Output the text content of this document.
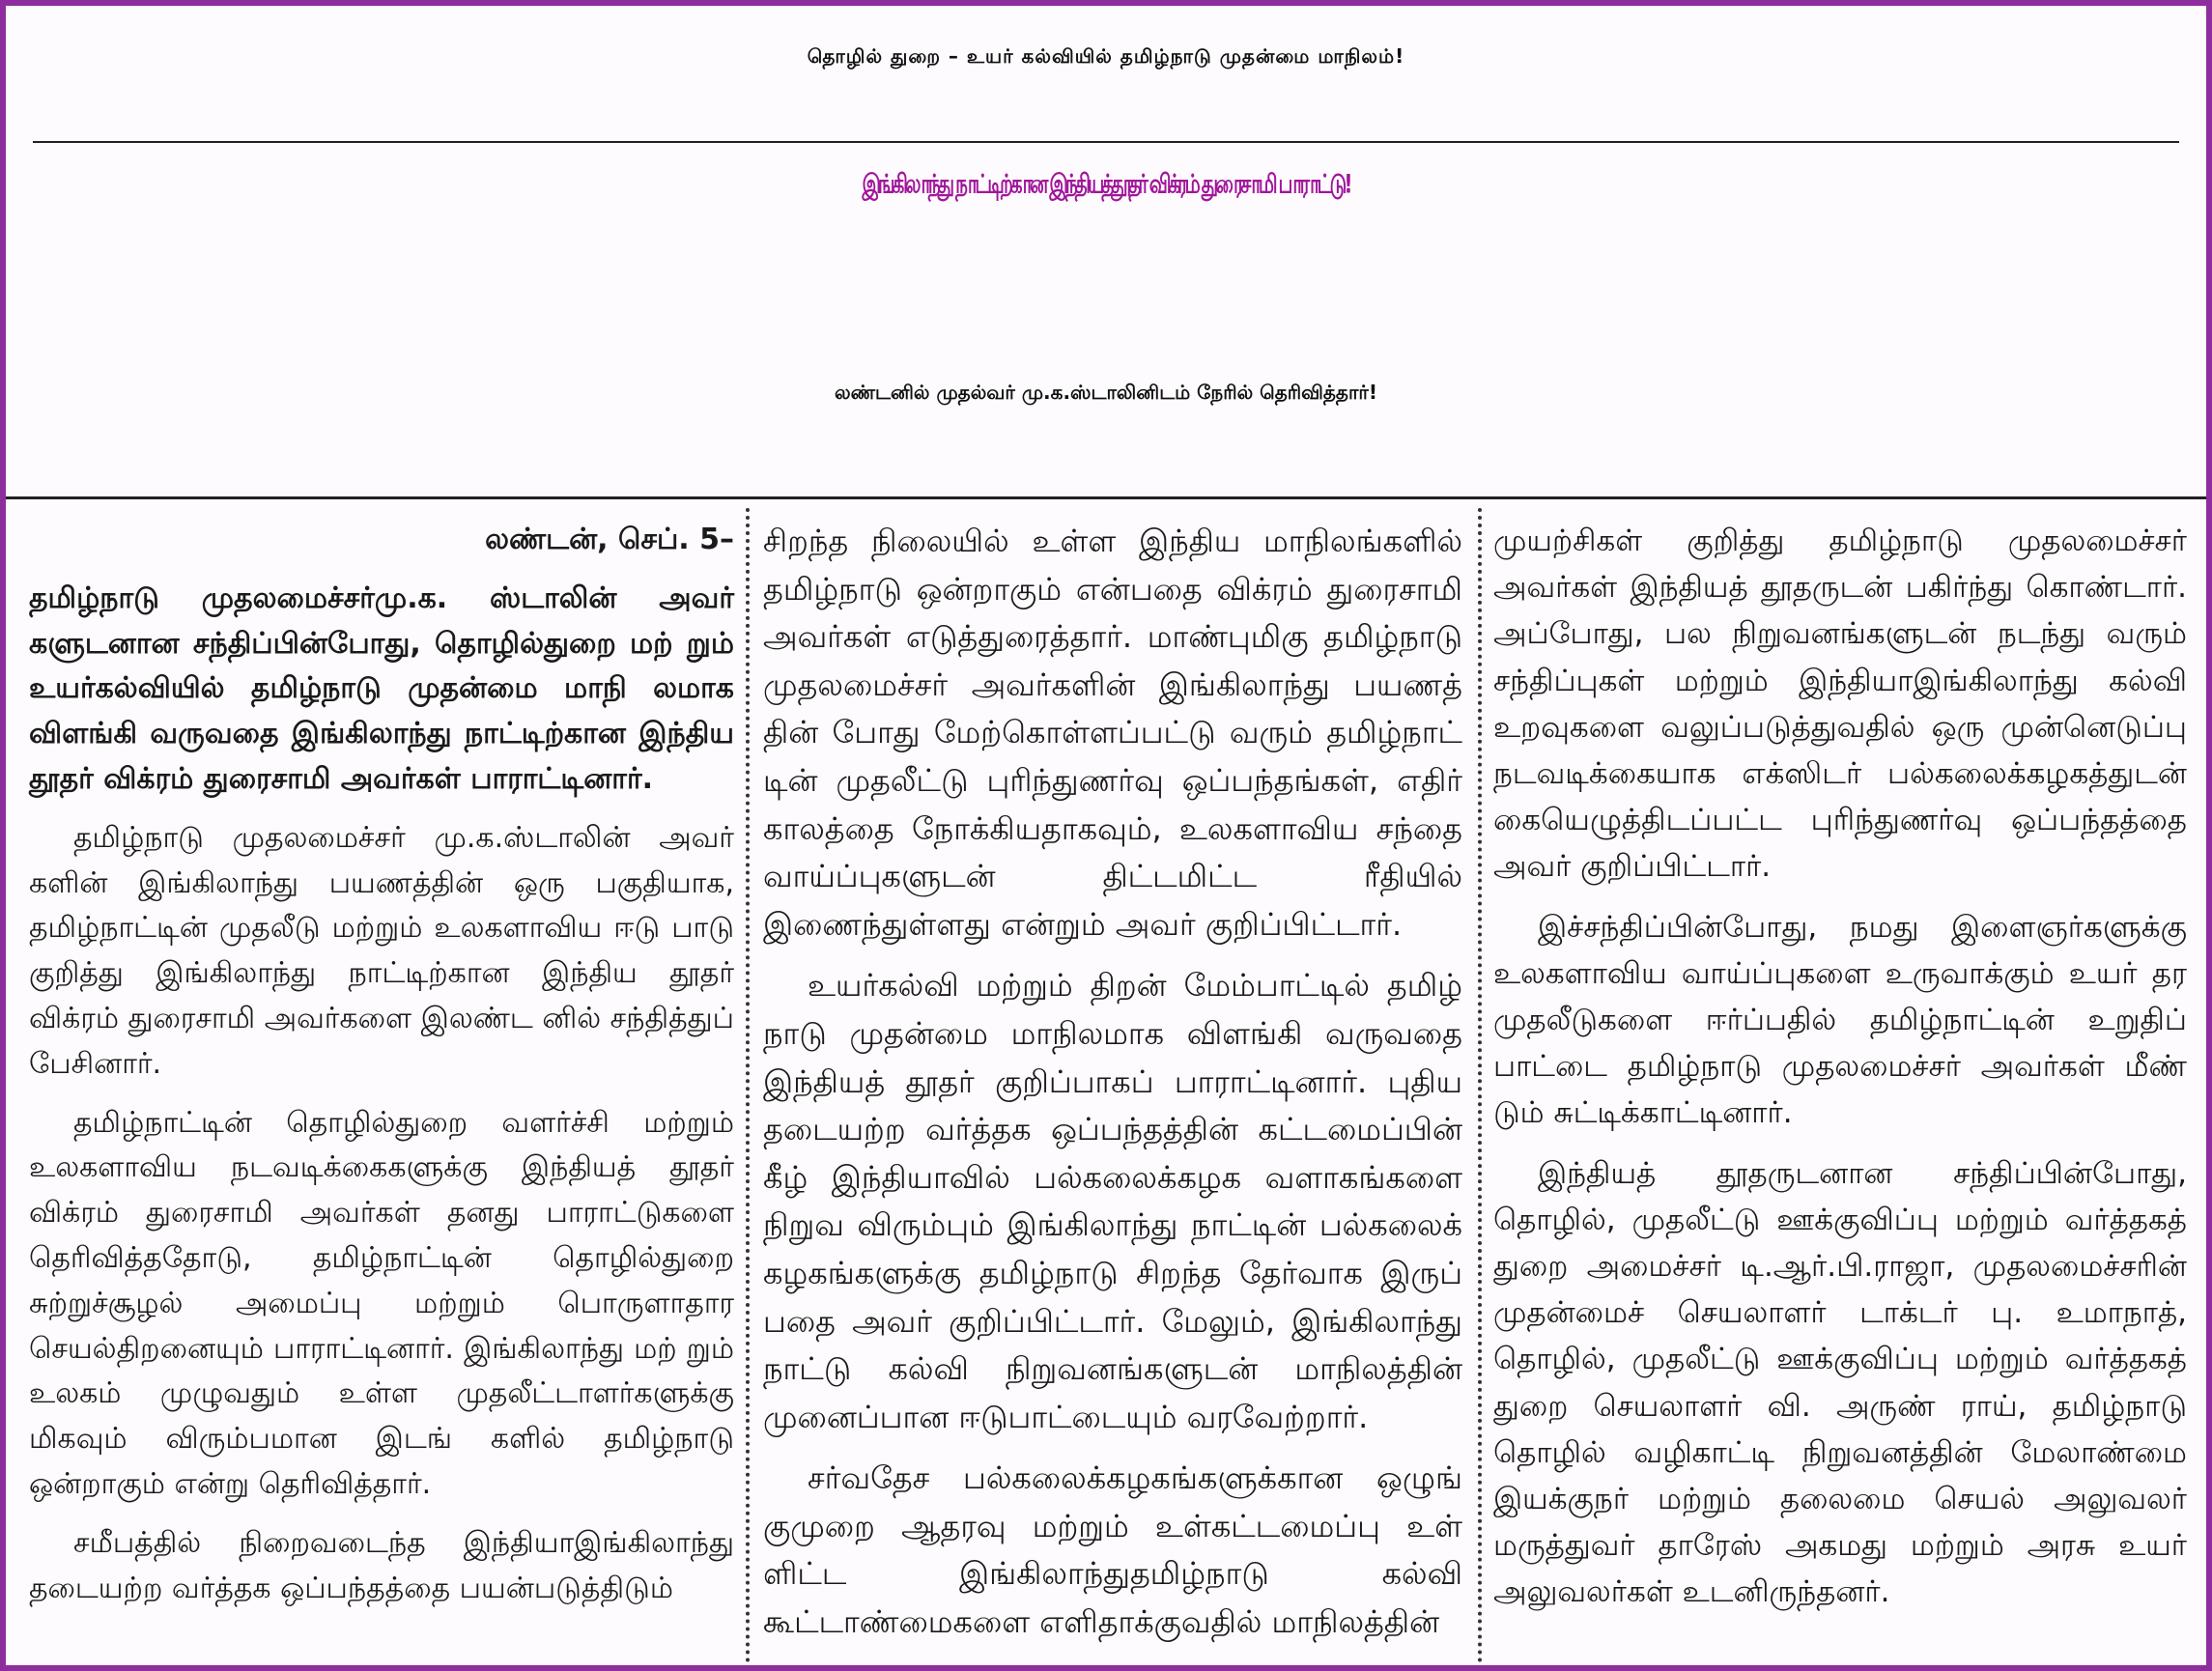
தொழில் துறை – உயர் கல்வியில் தமிழ்நாடு முதன்மை மாநிலம்!
இங்கிலாந்து நாட்டிற்கான இந்தியத்தூதர் விக்ரம் துரைசாமி பாராட்டு!
லண்டனில் முதல்வர் மு.க.ஸ்டாலினிடம் நேரில் தெரிவித்தார்!

லண்டன், செப். 5–

தமிழ்நாடு முதலமைச்சர்மு.க. ஸ்டாலின் அவர் களுடனான சந்திப்பின்போது, தொழில்துறை மற் றும் உயர்கல்வியில் தமிழ்நாடு முதன்மை மாநி லமாக விளங்கி வருவதை இங்கிலாந்து நாட்டிற்கான இந்திய தூதர் விக்ரம் துரைசாமி அவர்கள் பாராட்டினார்.

தமிழ்நாடு முதலமைச்சர் மு.க.ஸ்டாலின் அவர் களின் இங்கிலாந்து பயணத்தின் ஒரு பகுதியாக, தமிழ்நாட்டின் முதலீடு மற்றும் உலகளாவிய ஈடு பாடு குறித்து இங்கிலாந்து நாட்டிற்கான இந்திய தூதர் விக்ரம் துரைசாமி அவர்களை இலண்ட னில் சந்தித்துப் பேசினார்.

தமிழ்நாட்டின் தொழில்துறை வளர்ச்சி மற்றும் உலகளாவிய நடவடிக்கைகளுக்கு இந்தியத் தூதர் விக்ரம் துரைசாமி அவர்கள் தனது பாராட்டுகளை தெரிவித்ததோடு, தமிழ்நாட்டின் தொழில்துறை சுற்றுச்சூழல் அமைப்பு மற்றும் பொருளாதார செயல்திறனையும் பாராட்டினார். இங்கிலாந்து மற் றும் உலகம் முழுவதும் உள்ள முதலீட்டாளர்களுக்கு மிகவும் விரும்பமான இடங் களில் தமிழ்நாடு ஒன்றாகும் என்று தெரிவித்தார்.

சமீபத்தில் நிறைவடைந்த இந்தியாஇங்கிலாந்து தடையற்ற வர்த்தக ஒப்பந்தத்தை பயன்படுத்திடும்

சிறந்த நிலையில் உள்ள இந்திய மாநிலங்களில் தமிழ்நாடு ஒன்றாகும் என்பதை விக்ரம் துரைசாமி அவர்கள் எடுத்துரைத்தார். மாண்புமிகு தமிழ்நாடு முதலமைச்சர் அவர்களின் இங்கிலாந்து பயணத் தின் போது மேற்கொள்ளப்பட்டு வரும் தமிழ்நாட் டின் முதலீட்டு புரிந்துணர்வு ஒப்பந்தங்கள், எதிர் காலத்தை நோக்கியதாகவும், உலகளாவிய சந்தை வாய்ப்புகளுடன் திட்டமிட்ட ரீதியில் இணைந்துள்ளது என்றும் அவர் குறிப்பிட்டார்.

உயர்கல்வி மற்றும் திறன் மேம்பாட்டில் தமிழ் நாடு முதன்மை மாநிலமாக விளங்கி வருவதை இந்தியத் தூதர் குறிப்பாகப் பாராட்டினார். புதிய தடையற்ற வர்த்தக ஒப்பந்தத்தின் கட்டமைப்பின் கீழ் இந்தியாவில் பல்கலைக்கழக வளாகங்களை நிறுவ விரும்பும் இங்கிலாந்து நாட்டின் பல்கலைக் கழகங்களுக்கு தமிழ்நாடு சிறந்த தேர்வாக இருப் பதை அவர் குறிப்பிட்டார். மேலும், இங்கிலாந்து நாட்டு கல்வி நிறுவனங்களுடன் மாநிலத்தின் முனைப்பான ஈடுபாட்டையும் வரவேற்றார்.

சர்வதேச பல்கலைக்கழகங்களுக்கான ஒழுங் குமுறை ஆதரவு மற்றும் உள்கட்டமைப்பு உள் ளிட்ட இங்கிலாந்துதமிழ்நாடு கல்வி கூட்டாண்மைகளை எளிதாக்குவதில் மாநிலத்தின்

முயற்சிகள் குறித்து தமிழ்நாடு முதலமைச்சர் அவர்கள் இந்தியத் தூதருடன் பகிர்ந்து கொண்டார். அப்போது, பல நிறுவனங்களுடன் நடந்து வரும் சந்திப்புகள் மற்றும் இந்தியாஇங்கிலாந்து கல்வி உறவுகளை வலுப்படுத்துவதில் ஒரு முன்னெடுப்பு நடவடிக்கையாக எக்ஸிடர் பல்கலைக்கழகத்துடன் கையெழுத்திடப்பட்ட புரிந்துணர்வு ஒப்பந்தத்தை அவர் குறிப்பிட்டார்.

இச்சந்திப்பின்போது, நமது இளைஞர்களுக்கு உலகளாவிய வாய்ப்புகளை உருவாக்கும் உயர் தர முதலீடுகளை ஈர்ப்பதில் தமிழ்நாட்டின் உறுதிப் பாட்டை தமிழ்நாடு முதலமைச்சர் அவர்கள் மீண் டும் சுட்டிக்காட்டினார்.

இந்தியத் தூதருடனான சந்திப்பின்போது, தொழில், முதலீட்டு ஊக்குவிப்பு மற்றும் வர்த்தகத் துறை அமைச்சர் டி.ஆர்.பி.ராஜா, முதலமைச்சரின் முதன்மைச் செயலாளர் டாக்டர் பு. உமாநாத், தொழில், முதலீட்டு ஊக்குவிப்பு மற்றும் வர்த்தகத் துறை செயலாளர் வி. அருண் ராய், தமிழ்நாடு தொழில் வழிகாட்டி நிறுவனத்தின் மேலாண்மை இயக்குநர் மற்றும் தலைமை செயல் அலுவலர் மருத்துவர் தாரேஸ் அகமது மற்றும் அரசு உயர் அலுவலர்கள் உடனிருந்தனர்.
